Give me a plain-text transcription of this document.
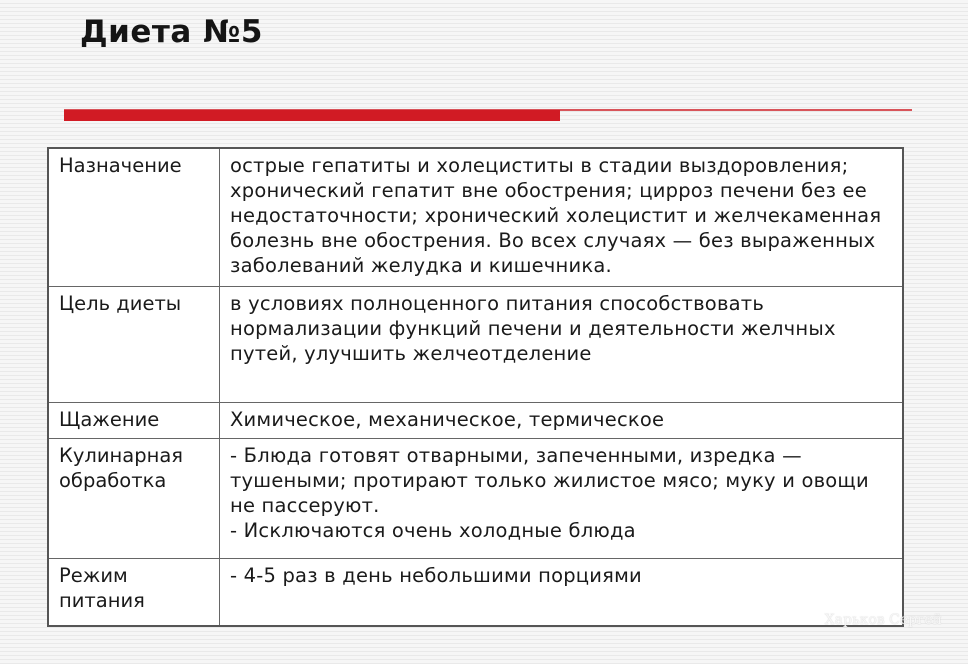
Диета №5
Назначение	острые гепатиты и холециститы в стадии выздоровления; хронический гепатит вне обострения; цирроз печени без ее недостаточности; хронический холецистит и желчекаменная болезнь вне обострения. Во всех случаях — без выраженных заболеваний желудка и кишечника.

Цель диеты	в условиях полноценного питания способствовать нормализации функций печени и деятельности желчных путей, улучшить желчеотделение

Щажение	Химическое, механическое, термическое

Кулинарная обработка	- Блюда готовят отварными, запеченными, изредка — тушеными; протирают только жилистое мясо; муку и овощи не пассеруют.
- Исключаются очень холодные блюда

Режим питания	- 4-5 раз в день небольшими порциями
Харьков Сергей
